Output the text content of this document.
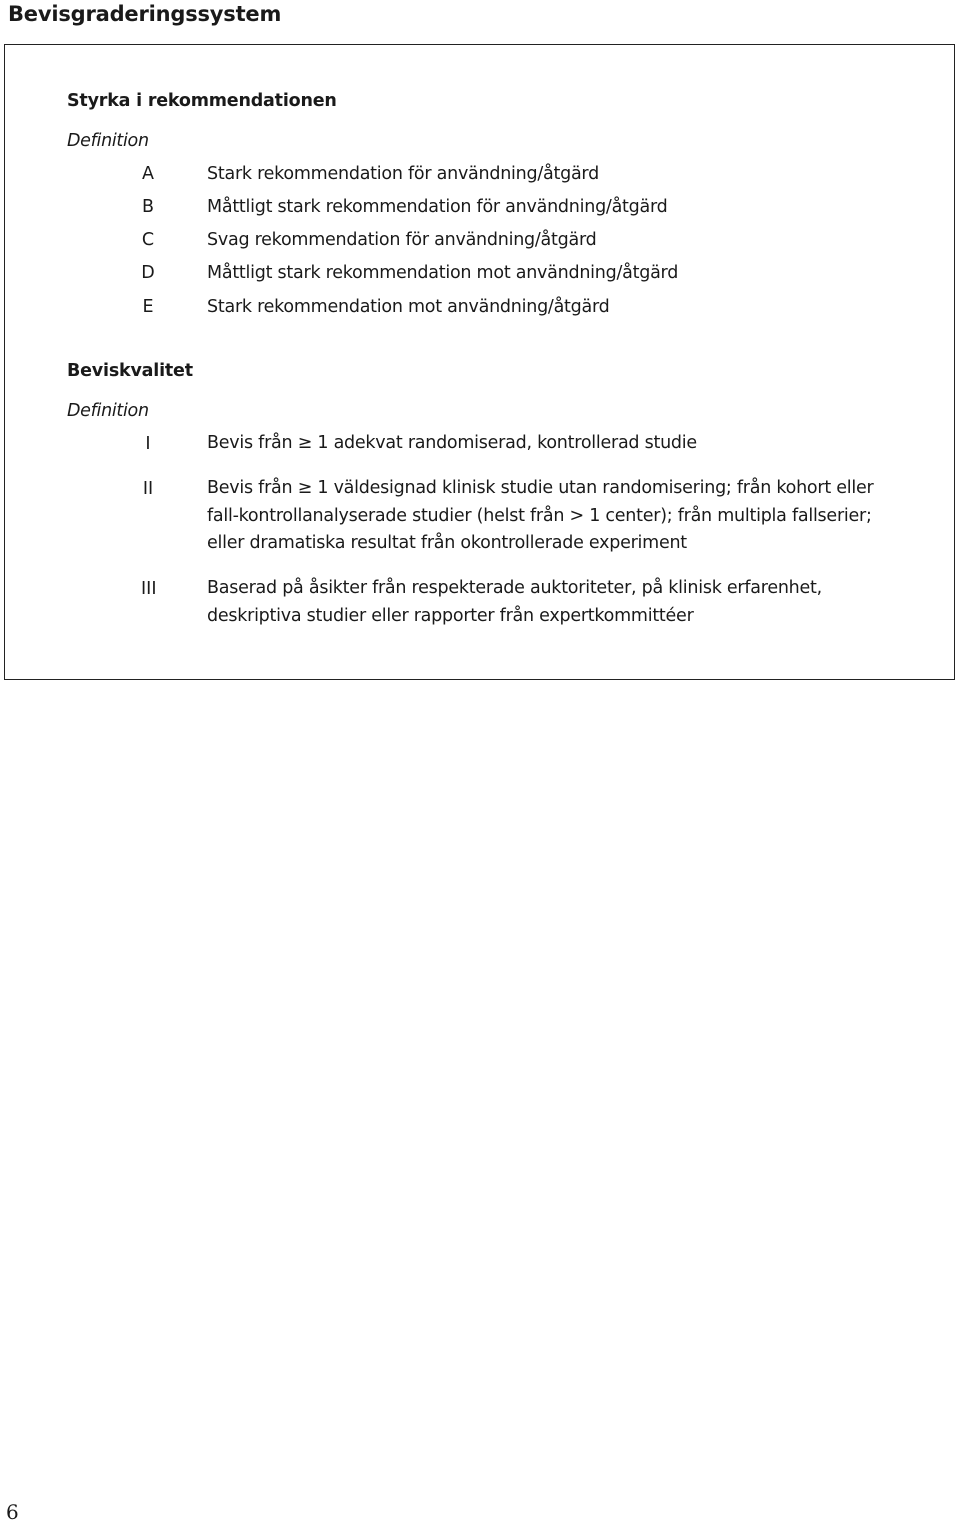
Bevisgraderingssystem
Styrka i rekommendationen
Definition
A	Stark rekommendation för användning/åtgärd
B	Måttligt stark rekommendation för användning/åtgärd
C	Svag rekommendation för användning/åtgärd
D	Måttligt stark rekommendation mot användning/åtgärd
E	Stark rekommendation mot användning/åtgärd
Beviskvalitet
Definition
I	Bevis från ≥ 1 adekvat randomiserad, kontrollerad studie
II	Bevis från ≥ 1 väldesignad klinisk studie utan randomisering; från kohort eller fall-kontrollanalyserade studier (helst från > 1 center); från multipla fallserier; eller dramatiska resultat från okontrollerade experiment
III	Baserad på åsikter från respekterade auktoriteter, på klinisk erfarenhet, deskriptiva studier eller rapporter från expertkommittéer
6
